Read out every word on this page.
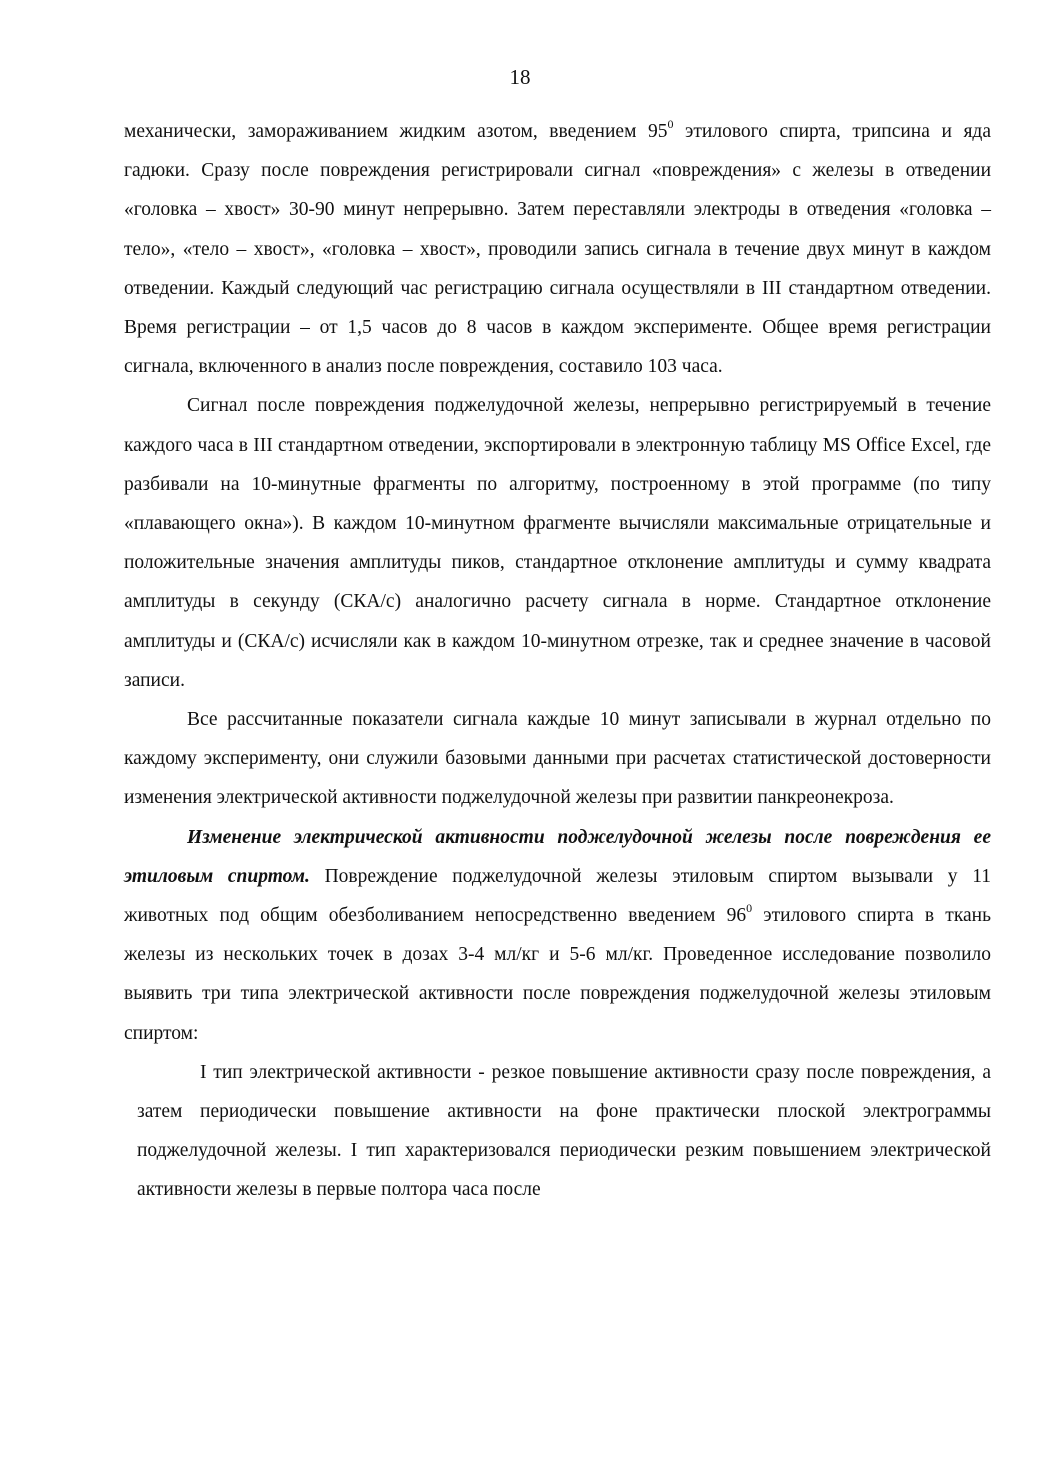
18

механически, замораживанием жидким азотом, введением $95^0$ этилового спирта, трипсина и яда гадюки. Сразу после повреждения регистрировали сигнал «повреждения» с железы в отведении «головка – хвост» 30-90 минут непрерывно. Затем переставляли электроды в отведения «головка – тело», «тело – хвост», «головка – хвост», проводили запись сигнала в течение двух минут в каждом отведении. Каждый следующий час регистрацию сигнала осуществляли в III стандартном отведении. Время регистрации – от 1,5 часов до 8 часов в каждом эксперименте. Общее время регистрации сигнала, включенного в анализ после повреждения, составило 103 часа.

Сигнал после повреждения поджелудочной железы, непрерывно регистрируемый в течение каждого часа в III стандартном отведении, экспортировали в электронную таблицу MS Office Excel, где разбивали на 10-минутные фрагменты по алгоритму, построенному в этой программе (по типу «плавающего окна»). В каждом 10-минутном фрагменте вычисляли максимальные отрицательные и положительные значения амплитуды пиков, стандартное отклонение амплитуды и сумму квадрата амплитуды в секунду (СКА/с) аналогично расчету сигнала в норме. Стандартное отклонение амплитуды и (СКА/с) исчисляли как в каждом 10-минутном отрезке, так и среднее значение в часовой записи.

Все рассчитанные показатели сигнала каждые 10 минут записывали в журнал отдельно по каждому эксперименту, они служили базовыми данными при расчетах статистической достоверности изменения электрической активности поджелудочной железы при развитии панкреонекроза.

Изменение электрической активности поджелудочной железы после повреждения ее этиловым спиртом. Повреждение поджелудочной железы этиловым спиртом вызывали у 11 животных под общим обезболиванием непосредственно введением $96^0$ этилового спирта в ткань железы из нескольких точек в дозах 3-4 мл/кг и 5-6 мл/кг. Проведенное исследование позволило выявить три типа электрической активности после повреждения поджелудочной железы этиловым спиртом:

I тип электрической активности - резкое повышение активности сразу после повреждения, а затем периодически повышение активности на фоне практически плоской электрограммы поджелудочной железы. I тип характеризовался периодически резким повышением электрической активности железы в первые полтора часа после
